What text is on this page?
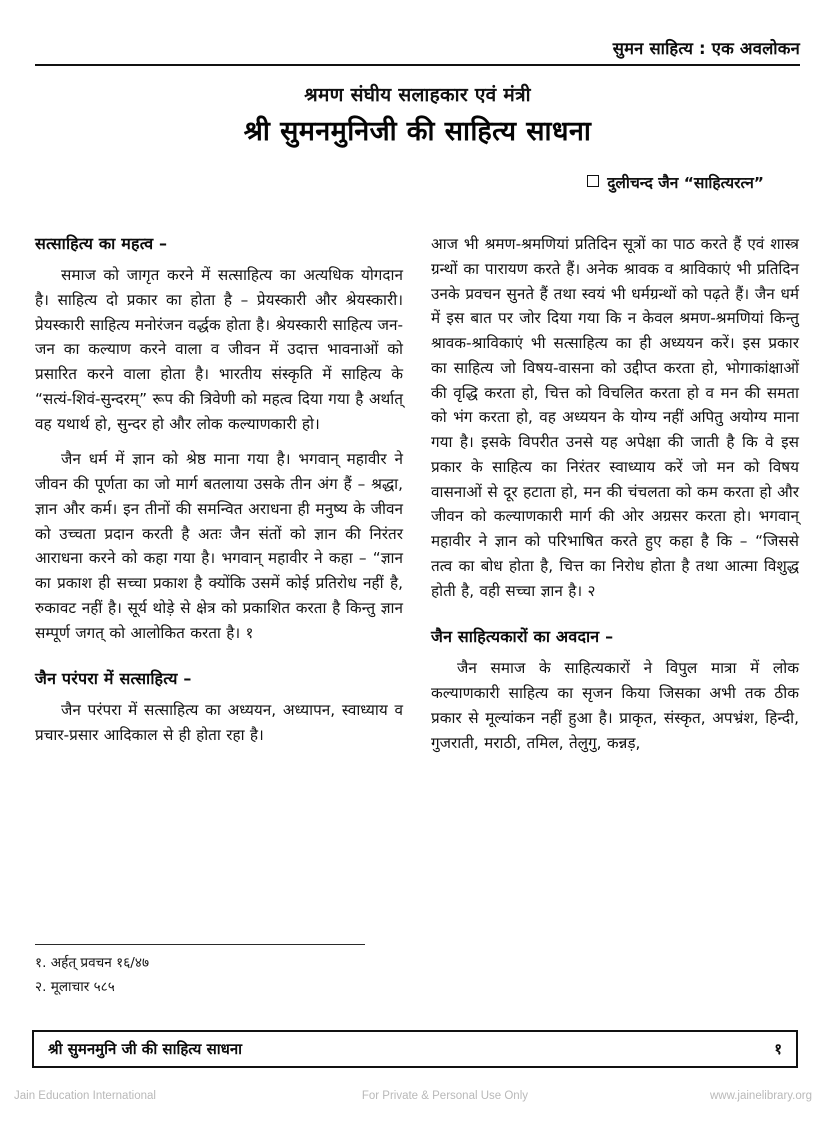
सुमन साहित्य : एक अवलोकन
श्रमण संघीय सलाहकार एवं मंत्री
श्री सुमनमुनिजी की साहित्य साधना
दुलीचन्द जैन “साहित्यरत्न”
सत्साहित्य का महत्व –

समाज को जागृत करने में सत्साहित्य का अत्यधिक योगदान है। साहित्य दो प्रकार का होता है – प्रेयस्कारी और श्रेयस्कारी। प्रेयस्कारी साहित्य मनोरंजन वर्द्धक होता है। श्रेयस्कारी साहित्य जन-जन का कल्याण करने वाला व जीवन में उदात्त भावनाओं को प्रसारित करने वाला होता है। भारतीय संस्कृति में साहित्य के “सत्यं-शिवं-सुन्दरम्” रूप की त्रिवेणी को महत्व दिया गया है अर्थात् वह यथार्थ हो, सुन्दर हो और लोक कल्याणकारी हो।

जैन धर्म में ज्ञान को श्रेष्ठ माना गया है। भगवान् महावीर ने जीवन की पूर्णता का जो मार्ग बतलाया उसके तीन अंग हैं – श्रद्धा, ज्ञान और कर्म। इन तीनों की समन्वित अराधना ही मनुष्य के जीवन को उच्चता प्रदान करती है अतः जैन संतों को ज्ञान की निरंतर आराधना करने को कहा गया है। भगवान् महावीर ने कहा – “ज्ञान का प्रकाश ही सच्चा प्रकाश है क्योंकि उसमें कोई प्रतिरोध नहीं है, रुकावट नहीं है। सूर्य थोड़े से क्षेत्र को प्रकाशित करता है किन्तु ज्ञान सम्पूर्ण जगत् को आलोकित करता है। १

जैन परंपरा में सत्साहित्य –

जैन परंपरा में सत्साहित्य का अध्ययन, अध्यापन, स्वाध्याय व प्रचार-प्रसार आदिकाल से ही होता रहा है।

आज भी श्रमण-श्रमणियां प्रतिदिन सूत्रों का पाठ करते हैं एवं शास्त्र ग्रन्थों का पारायण करते हैं। अनेक श्रावक व श्राविकाएं भी प्रतिदिन उनके प्रवचन सुनते हैं तथा स्वयं भी धर्मग्रन्थों को पढ़ते हैं। जैन धर्म में इस बात पर जोर दिया गया कि न केवल श्रमण-श्रमणियां किन्तु श्रावक-श्राविकाएं भी सत्साहित्य का ही अध्ययन करें। इस प्रकार का साहित्य जो विषय-वासना को उद्दीप्त करता हो, भोगाकांक्षाओं की वृद्धि करता हो, चित्त को विचलित करता हो व मन की समता को भंग करता हो, वह अध्ययन के योग्य नहीं अपितु अयोग्य माना गया है। इसके विपरीत उनसे यह अपेक्षा की जाती है कि वे इस प्रकार के साहित्य का निरंतर स्वाध्याय करें जो मन को विषय वासनाओं से दूर हटाता हो, मन की चंचलता को कम करता हो और जीवन को कल्याणकारी मार्ग की ओर अग्रसर करता हो। भगवान् महावीर ने ज्ञान को परिभाषित करते हुए कहा है कि – “जिससे तत्व का बोध होता है, चित्त का निरोध होता है तथा आत्मा विशुद्ध होती है, वही सच्चा ज्ञान है। २

जैन साहित्यकारों का अवदान –

जैन समाज के साहित्यकारों ने विपुल मात्रा में लोक कल्याणकारी साहित्य का सृजन किया जिसका अभी तक ठीक प्रकार से मूल्यांकन नहीं हुआ है। प्राकृत, संस्कृत, अपभ्रंश, हिन्दी, गुजराती, मराठी, तमिल, तेलुगु, कन्नड़,

१. अर्हत् प्रवचन १६/४७
२. मूलाचार ५८५
श्री सुमनमुनि जी की साहित्य साधना	१
Jain Education International	For Private & Personal Use Only	www.jainelibrary.org
